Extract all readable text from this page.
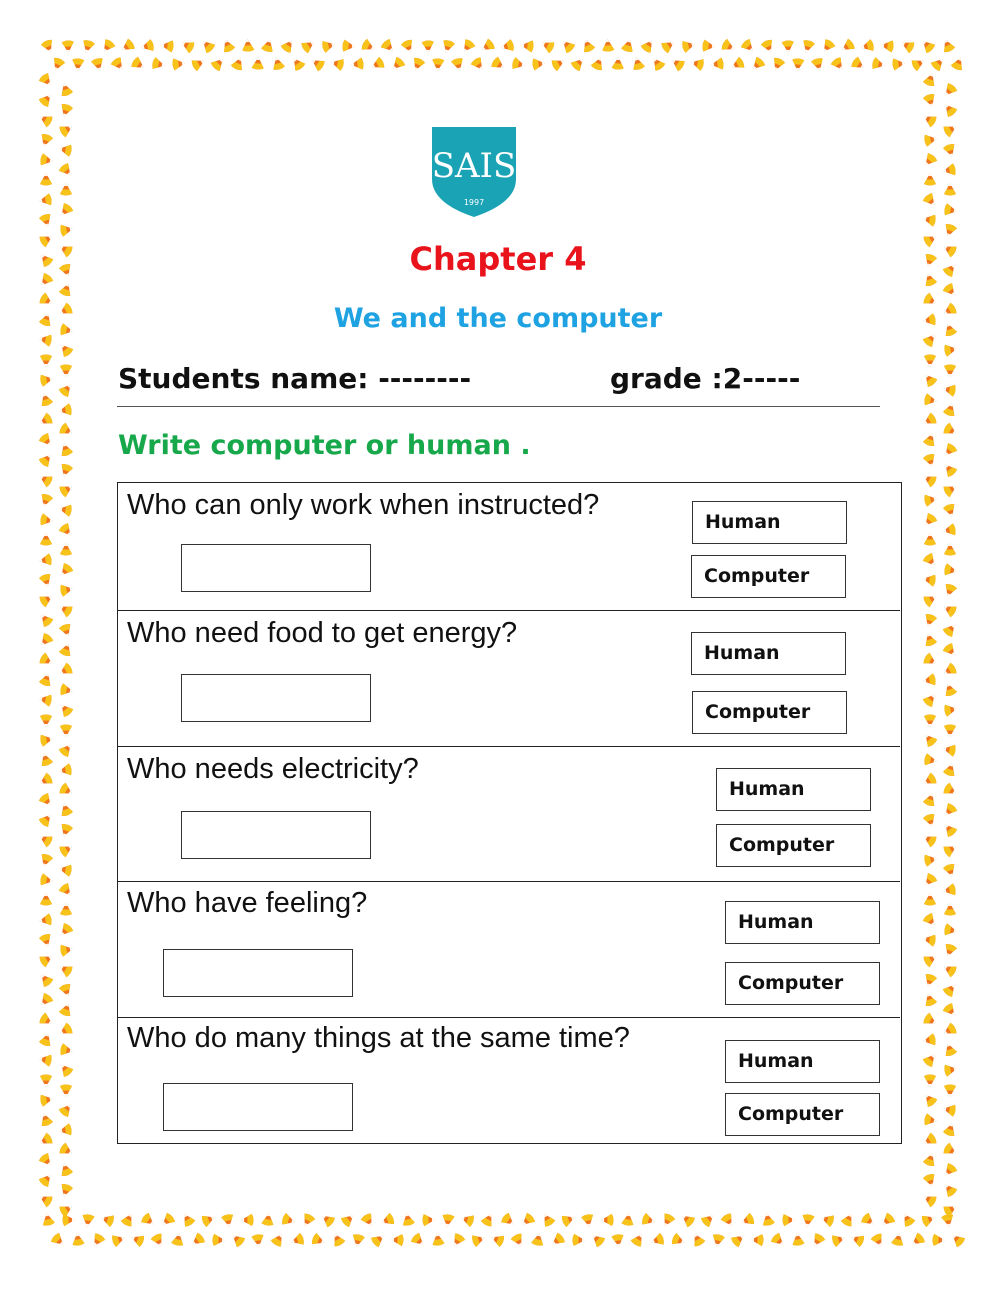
SAIS
1997
Chapter 4
We and the computer
Students name: --------	grade :2-----
Write computer or human .
Who can only work when instructed?
Human
Computer
Who need food to get energy?
Human
Computer
Who needs electricity?
Human
Computer
Who have feeling?
Human
Computer
Who do many things at the same time?
Human
Computer
